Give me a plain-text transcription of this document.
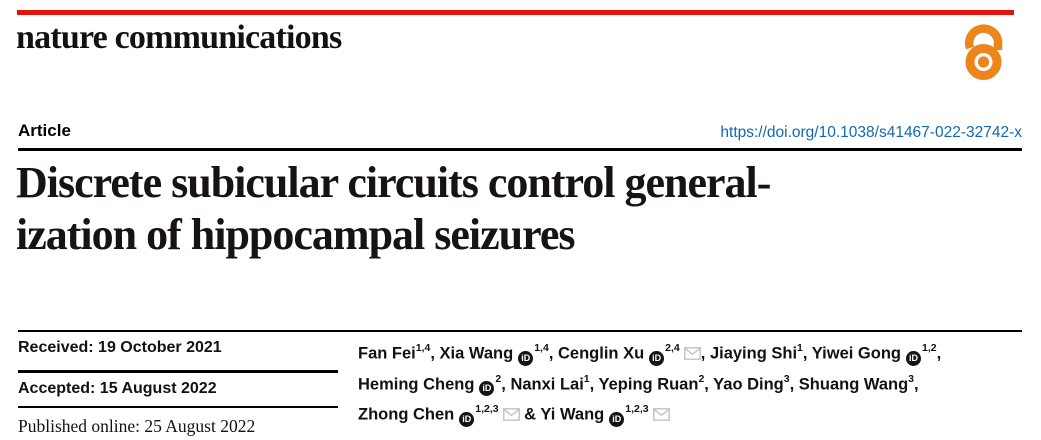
nature communications
Article	https://doi.org/10.1038/s41467-022-32742-x
Discrete subicular circuits control general-
ization of hippocampal seizures
Received: 19 October 2021
Accepted: 15 August 2022
Published online: 25 August 2022
Fan Fei$^{1,4}$, Xia Wang iD$^{1,4}$, Cenglin Xu iD$^{2,4}$ , Jiaying Shi$^1$, Yiwei Gong iD$^{1,2}$,
Heming Cheng $iD^2$, Nanxi Lai$^1$, Yeping Ruan$^2$, Yao Ding$^3$, Shuang Wang$^3$,
Zhong Chen iD$^{1,2,3}$ & Yi Wang iD$^{1,2,3}$
